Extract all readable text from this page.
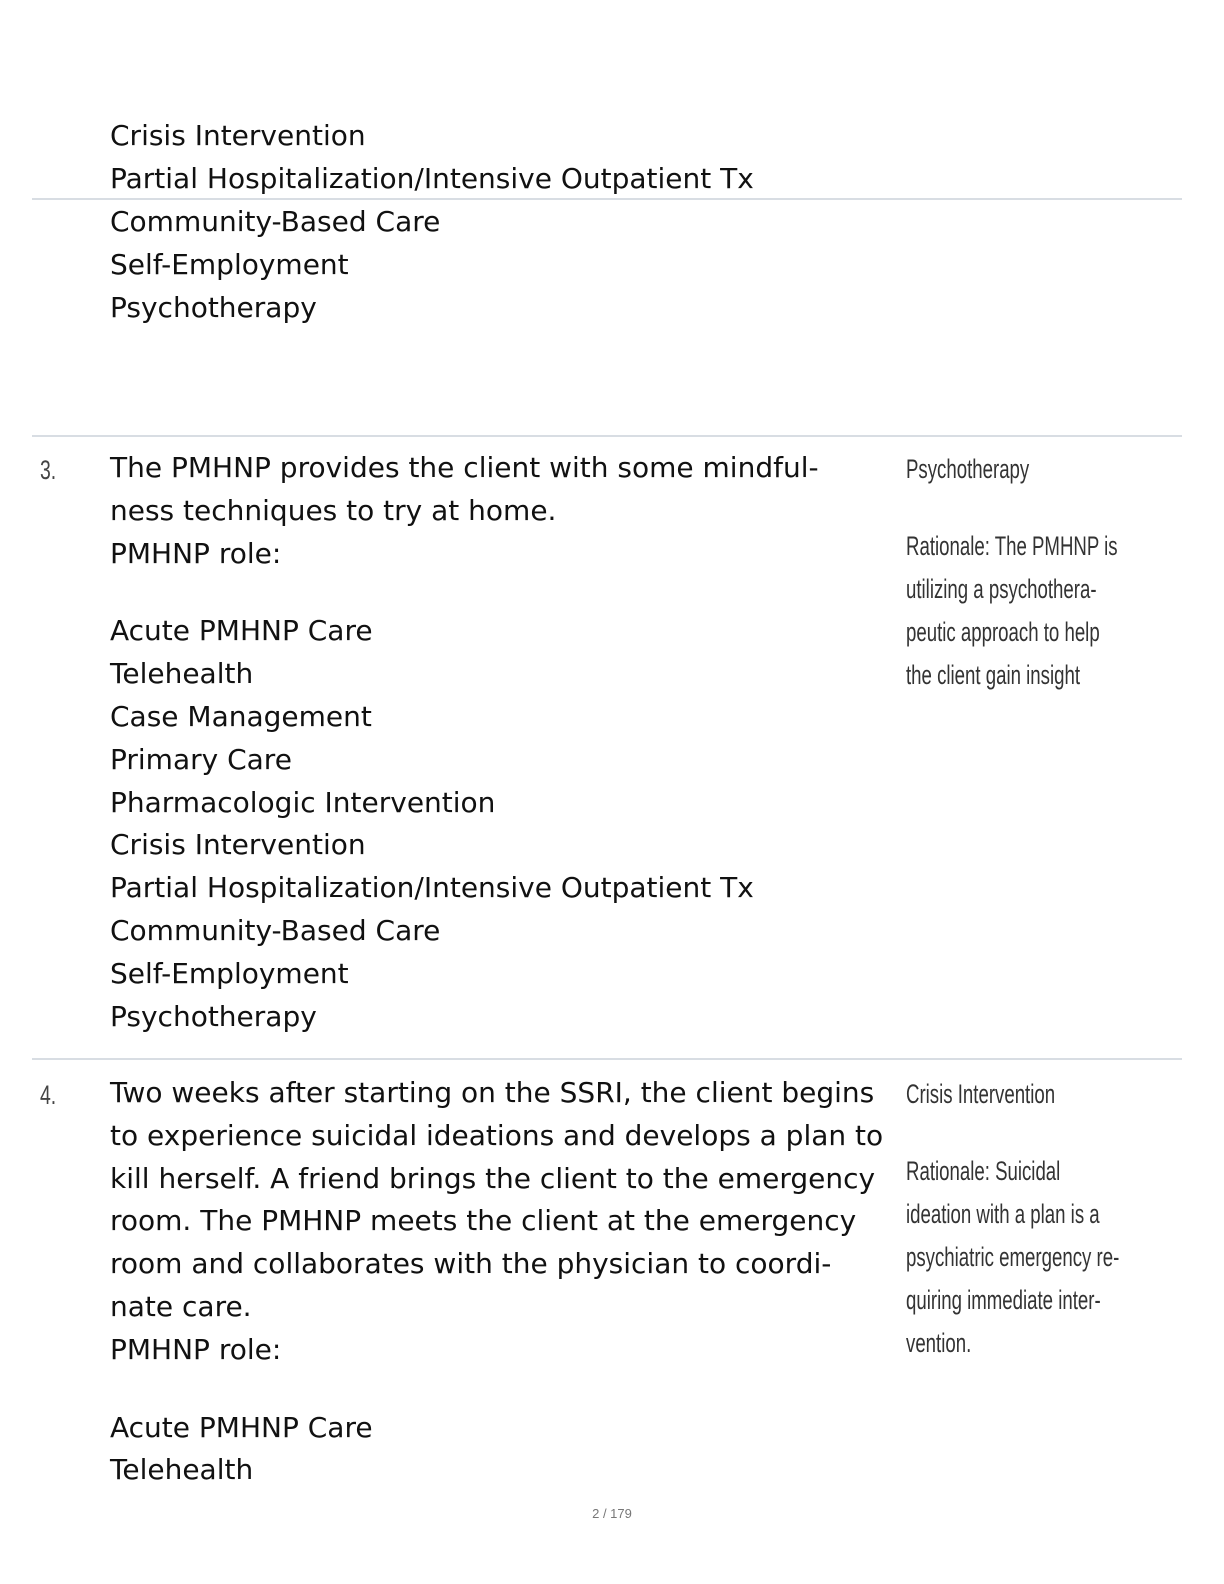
Crisis Intervention
Partial Hospitalization/Intensive Outpatient Tx
Community-Based Care
Self-Employment
Psychotherapy
3. The PMHNP provides the client with some mindful-
ness techniques to try at home.
PMHNP role:
Acute PMHNP Care
Telehealth
Case Management
Primary Care
Pharmacologic Intervention
Crisis Intervention
Partial Hospitalization/Intensive Outpatient Tx
Community-Based Care
Self-Employment
Psychotherapy
Psychotherapy
Rationale: The PMHNP is
utilizing a psychothera-
peutic approach to help
the client gain insight
4. Two weeks after starting on the SSRI, the client begins
to experience suicidal ideations and develops a plan to
kill herself. A friend brings the client to the emergency
room. The PMHNP meets the client at the emergency
room and collaborates with the physician to coordi-
nate care.
PMHNP role:
Acute PMHNP Care
Telehealth
Crisis Intervention
Rationale: Suicidal
ideation with a plan is a
psychiatric emergency re-
quiring immediate inter-
vention.
2 / 179
